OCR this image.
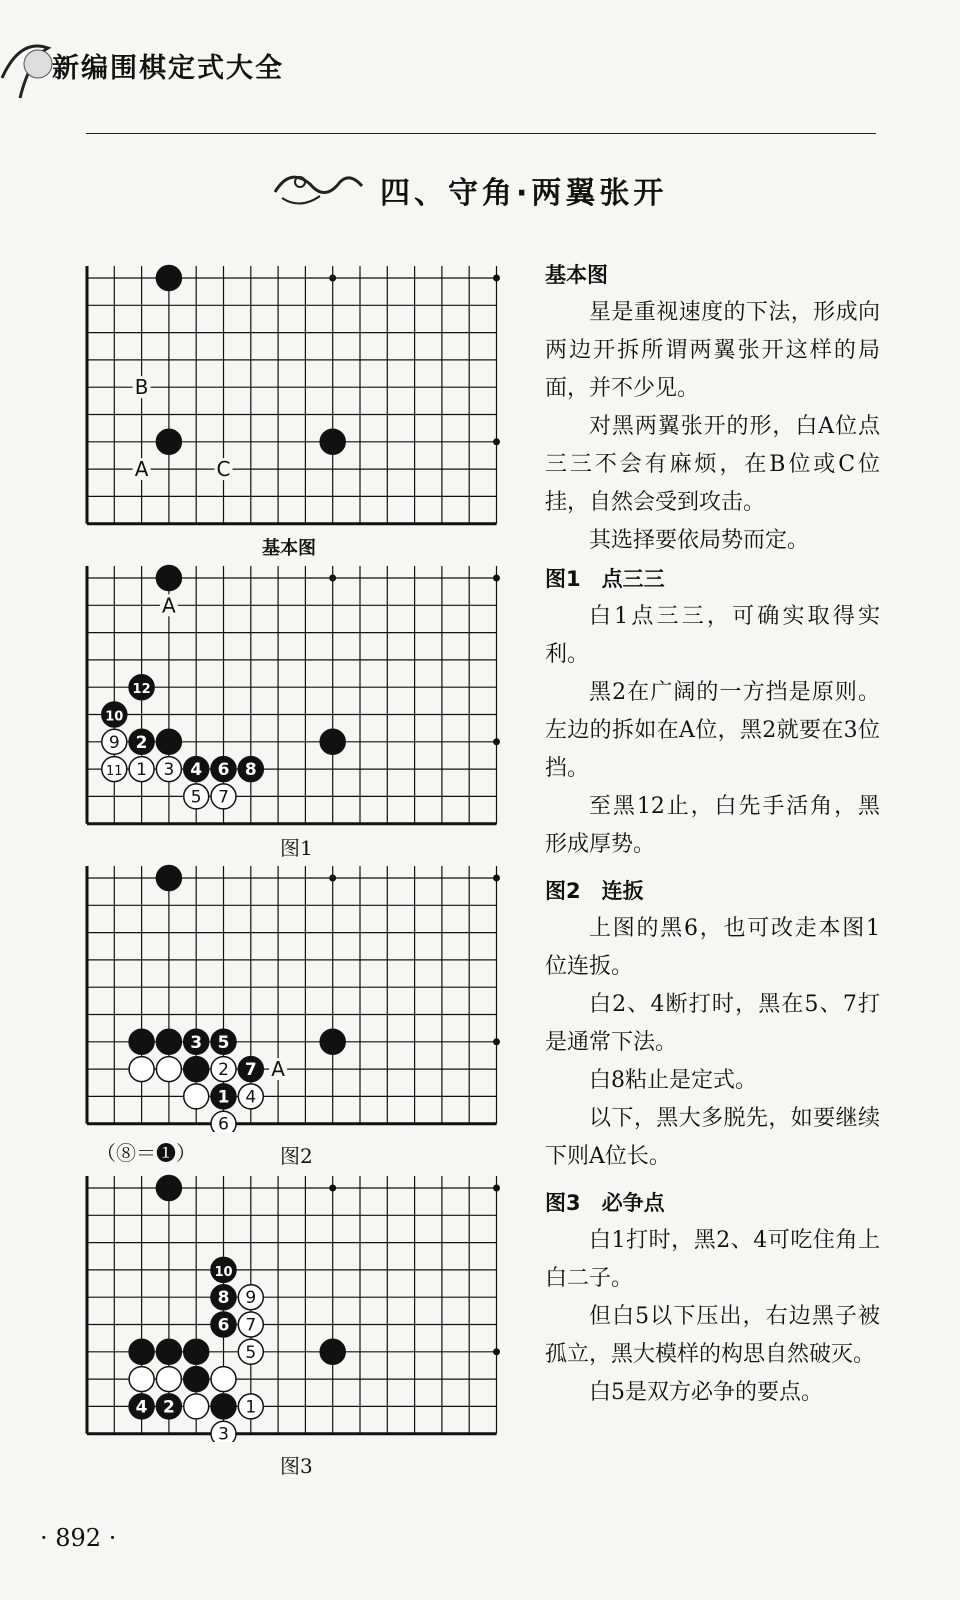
新编围棋定式大全
四、守角·两翼张开
B
A	C
基本图
A
9
11 1 3
5 7
12
10
2
4 6 8
图1
A
2
4
6
3 5
7
1
（⑧＝❶）	图2
9
7
5
1
3
10
8
6
4 2
图3
基本图

星是重视速度的下法，形成向两边开拆所谓两翼张开这样的局面，并不少见。

对黑两翼张开的形，白A位点三三不会有麻烦，在B位或C位挂，自然会受到攻击。

其选择要依局势而定。

图1　点三三

白1点三三，可确实取得实利。

黑2在广阔的一方挡是原则。左边的拆如在A位，黑2就要在3位挡。

至黑12止，白先手活角，黑形成厚势。

图2　连扳

上图的黑6，也可改走本图1位连扳。

白2、4断打时，黑在5、7打是通常下法。

白8粘止是定式。

以下，黑大多脱先，如要继续下则A位长。

图3　必争点

白1打时，黑2、4可吃住角上白二子。

但白5以下压出，右边黑子被孤立，黑大模样的构思自然破灭。

白5是双方必争的要点。

· 892 ·
